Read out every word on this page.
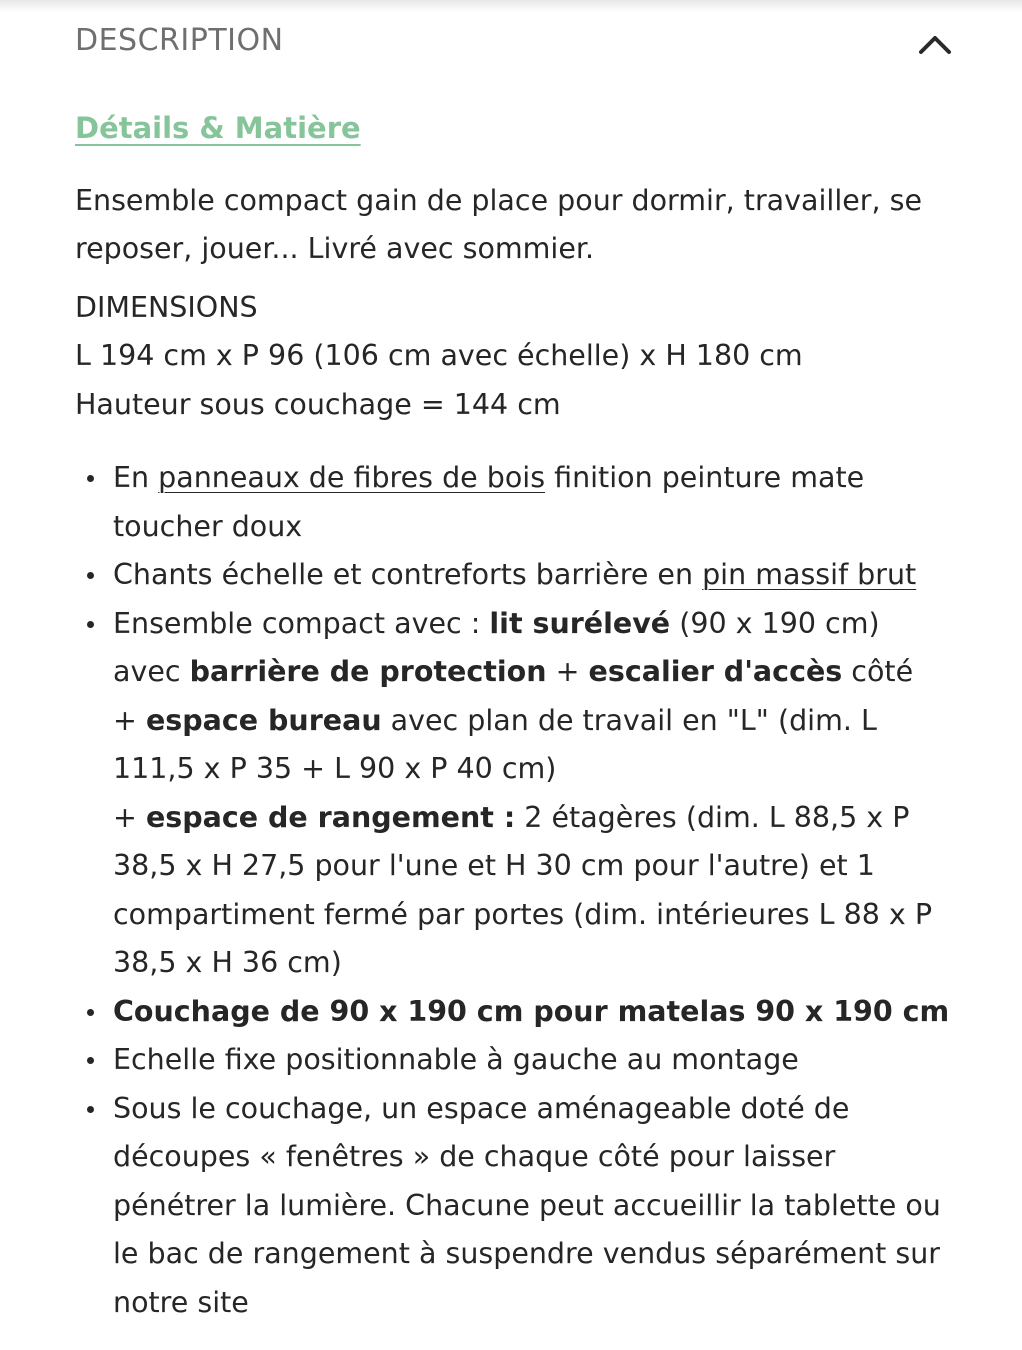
DESCRIPTION
Détails & Matière
Ensemble compact gain de place pour dormir, travailler, se
reposer, jouer... Livré avec sommier.
DIMENSIONS
L 194 cm x P 96 (106 cm avec échelle) x H 180 cm
Hauteur sous couchage = 144 cm
En panneaux de fibres de bois finition peinture mate toucher doux
Chants échelle et contreforts barrière en pin massif brut
Ensemble compact avec : lit surélevé (90 x 190 cm) avec barrière de protection + escalier d'accès côté
+ espace bureau avec plan de travail en "L" (dim. L 111,5 x P 35 + L 90 x P 40 cm)
+ espace de rangement : 2 étagères (dim. L 88,5 x P 38,5 x H 27,5 pour l'une et H 30 cm pour l'autre) et 1 compartiment fermé par portes (dim. intérieures L 88 x P 38,5 x H 36 cm)
Couchage de 90 x 190 cm pour matelas 90 x 190 cm
Echelle fixe positionnable à gauche au montage
Sous le couchage, un espace aménageable doté de découpes « fenêtres » de chaque côté pour laisser pénétrer la lumière. Chacune peut accueillir la tablette ou le bac de rangement à suspendre vendus séparément sur notre site
